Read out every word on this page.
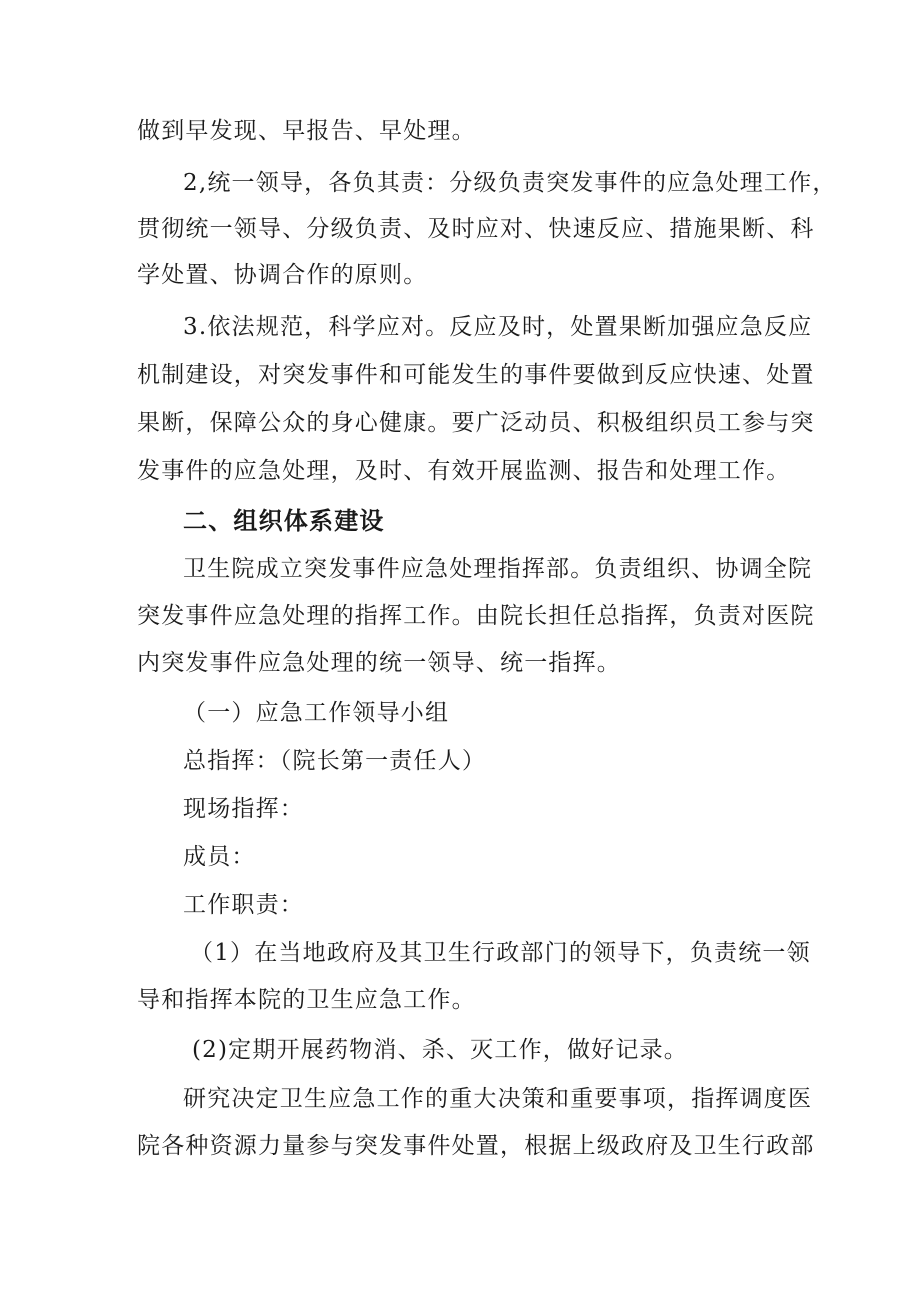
做到早发现、早报告、早处理。
2,统一领导，各负其责：分级负责突发事件的应急处理工作，
贯彻统一领导、分级负责、及时应对、快速反应、措施果断、科
学处置、协调合作的原则。
3.依法规范，科学应对。反应及时，处置果断加强应急反应
机制建设，对突发事件和可能发生的事件要做到反应快速、处置
果断，保障公众的身心健康。要广泛动员、积极组织员工参与突
发事件的应急处理，及时、有效开展监测、报告和处理工作。
二、组织体系建设
卫生院成立突发事件应急处理指挥部。负责组织、协调全院
突发事件应急处理的指挥工作。由院长担任总指挥，负责对医院
内突发事件应急处理的统一领导、统一指挥。
（一）应急工作领导小组
总指挥：（院长第一责任人）
现场指挥：
成员：
工作职责：
（1）在当地政府及其卫生行政部门的领导下，负责统一领
导和指挥本院的卫生应急工作。
(2)定期开展药物消、杀、灭工作，做好记录。
研究决定卫生应急工作的重大决策和重要事项，指挥调度医
院各种资源力量参与突发事件处置，根据上级政府及卫生行政部
